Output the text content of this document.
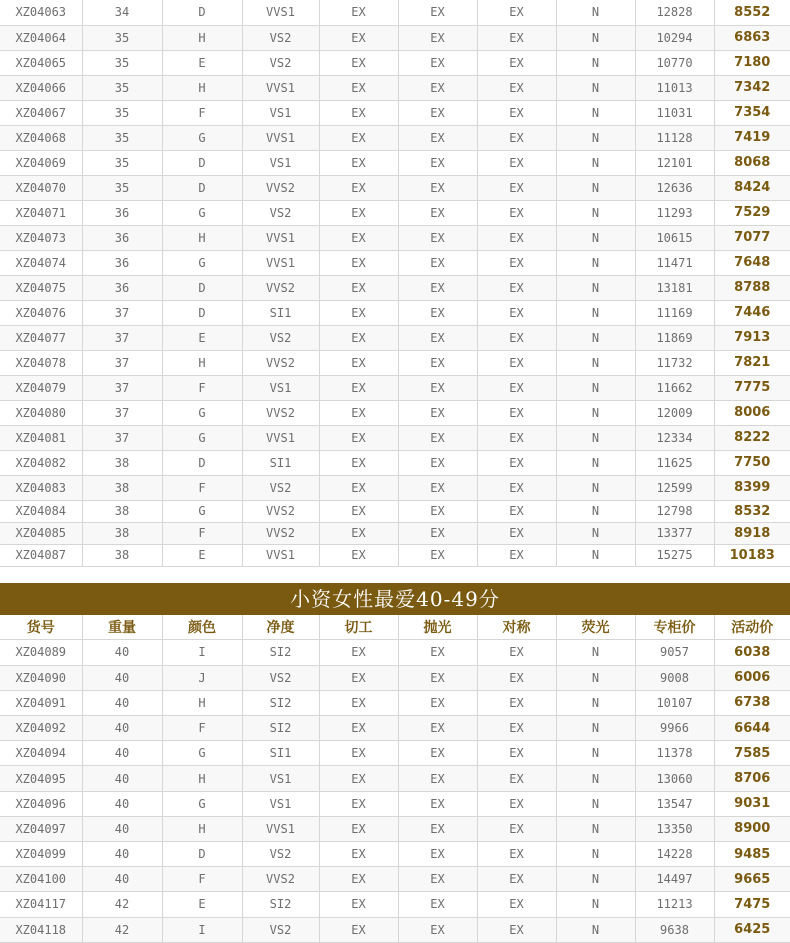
XZ04063	34	D	VVS1	EX	EX	EX	N	12828	8552
XZ04064	35	H	VS2	EX	EX	EX	N	10294	6863
XZ04065	35	E	VS2	EX	EX	EX	N	10770	7180
XZ04066	35	H	VVS1	EX	EX	EX	N	11013	7342
XZ04067	35	F	VS1	EX	EX	EX	N	11031	7354
XZ04068	35	G	VVS1	EX	EX	EX	N	11128	7419
XZ04069	35	D	VS1	EX	EX	EX	N	12101	8068
XZ04070	35	D	VVS2	EX	EX	EX	N	12636	8424
XZ04071	36	G	VS2	EX	EX	EX	N	11293	7529
XZ04073	36	H	VVS1	EX	EX	EX	N	10615	7077
XZ04074	36	G	VVS1	EX	EX	EX	N	11471	7648
XZ04075	36	D	VVS2	EX	EX	EX	N	13181	8788
XZ04076	37	D	SI1	EX	EX	EX	N	11169	7446
XZ04077	37	E	VS2	EX	EX	EX	N	11869	7913
XZ04078	37	H	VVS2	EX	EX	EX	N	11732	7821
XZ04079	37	F	VS1	EX	EX	EX	N	11662	7775
XZ04080	37	G	VVS2	EX	EX	EX	N	12009	8006
XZ04081	37	G	VVS1	EX	EX	EX	N	12334	8222
XZ04082	38	D	SI1	EX	EX	EX	N	11625	7750
XZ04083	38	F	VS2	EX	EX	EX	N	12599	8399
XZ04084	38	G	VVS2	EX	EX	EX	N	12798	8532
XZ04085	38	F	VVS2	EX	EX	EX	N	13377	8918
XZ04087	38	E	VVS1	EX	EX	EX	N	15275	10183
小资女性最爱40-49分
货号	重量	颜色	净度	切工	抛光	对称	荧光	专柜价	活动价
XZ04089	40	I	SI2	EX	EX	EX	N	9057	6038
XZ04090	40	J	VS2	EX	EX	EX	N	9008	6006
XZ04091	40	H	SI2	EX	EX	EX	N	10107	6738
XZ04092	40	F	SI2	EX	EX	EX	N	9966	6644
XZ04094	40	G	SI1	EX	EX	EX	N	11378	7585
XZ04095	40	H	VS1	EX	EX	EX	N	13060	8706
XZ04096	40	G	VS1	EX	EX	EX	N	13547	9031
XZ04097	40	H	VVS1	EX	EX	EX	N	13350	8900
XZ04099	40	D	VS2	EX	EX	EX	N	14228	9485
XZ04100	40	F	VVS2	EX	EX	EX	N	14497	9665
XZ04117	42	E	SI2	EX	EX	EX	N	11213	7475
XZ04118	42	I	VS2	EX	EX	EX	N	9638	6425
